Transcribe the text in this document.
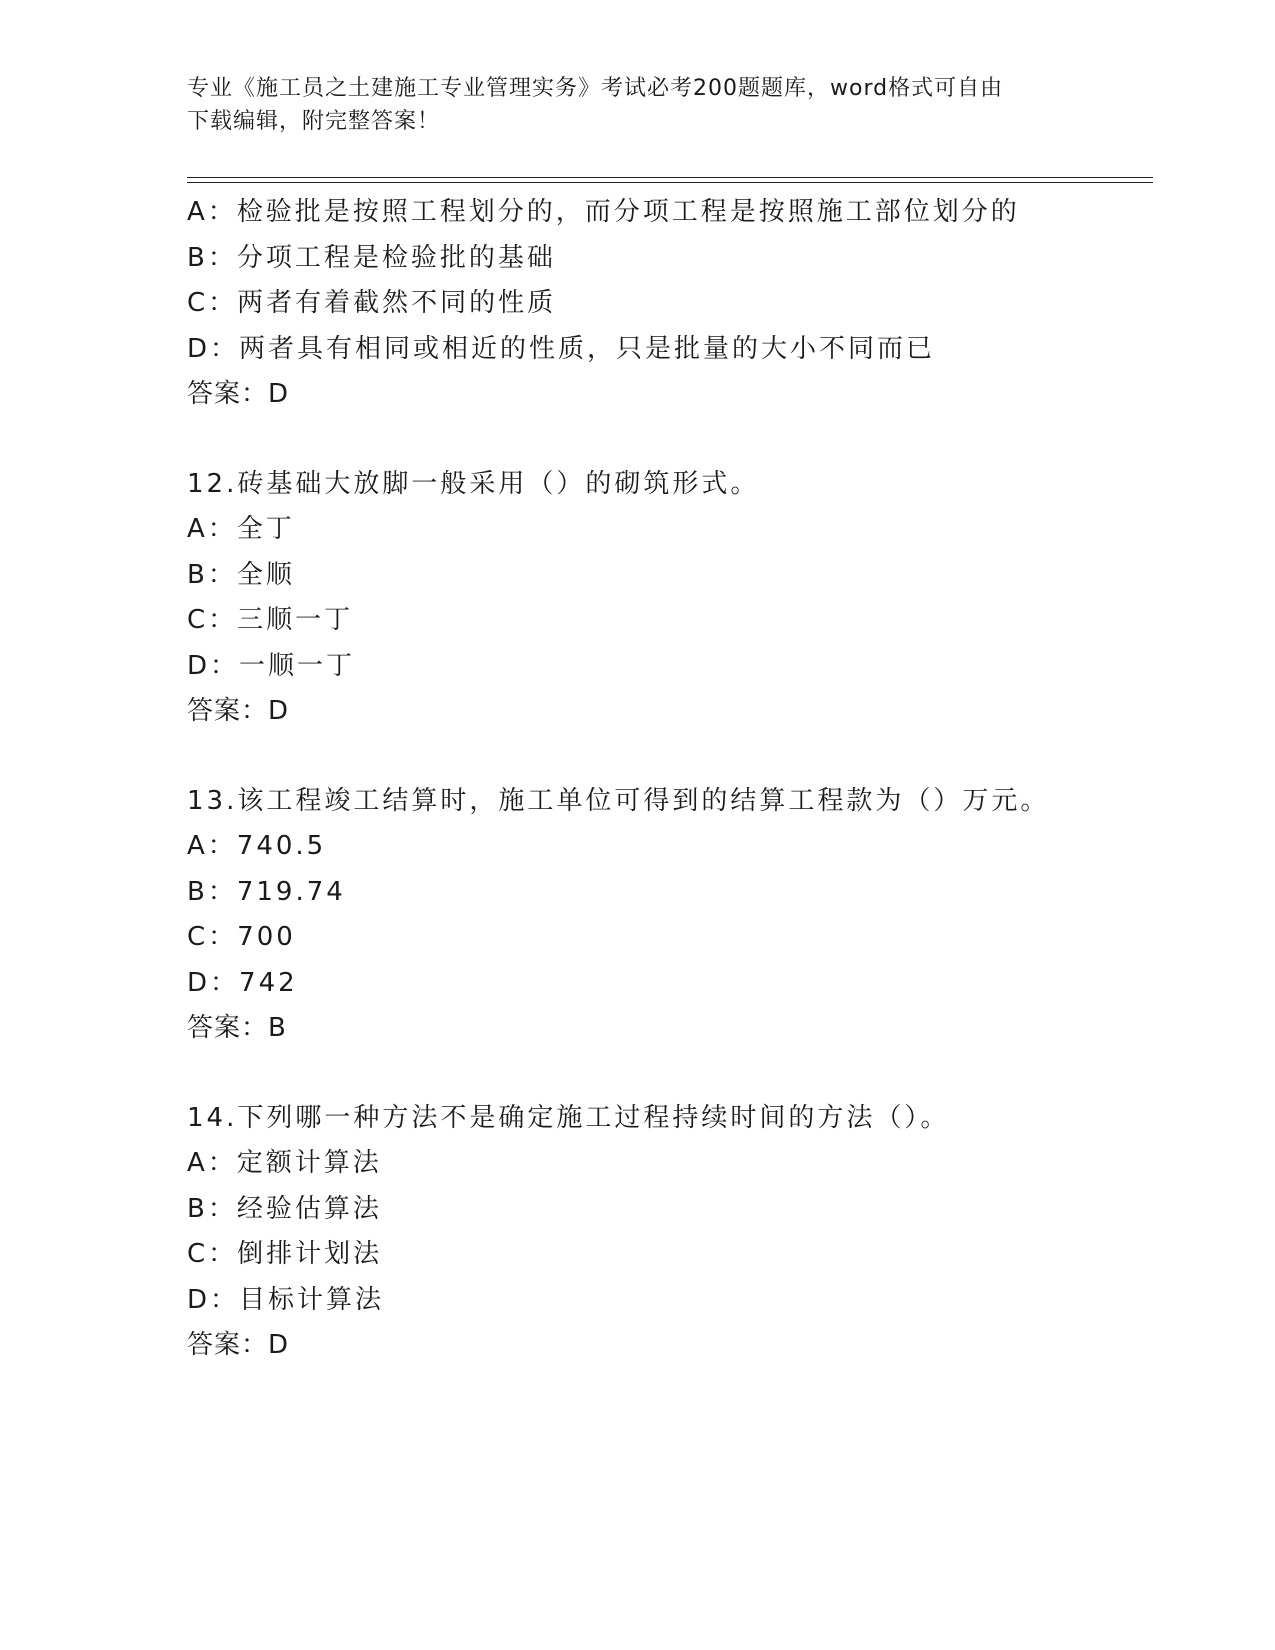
专业《施工员之土建施工专业管理实务》考试必考200题题库，word格式可自由
下载编辑，附完整答案！
A：检验批是按照工程划分的，而分项工程是按照施工部位划分的
B：分项工程是检验批的基础
C：两者有着截然不同的性质
D：两者具有相同或相近的性质，只是批量的大小不同而已
答案：D
12.砖基础大放脚一般采用（）的砌筑形式。
A：全丁
B：全顺
C：三顺一丁
D：一顺一丁
答案：D
13.该工程竣工结算时，施工单位可得到的结算工程款为（）万元。
A：740.5
B：719.74
C：700
D：742
答案：B
14.下列哪一种方法不是确定施工过程持续时间的方法（）。
A：定额计算法
B：经验估算法
C：倒排计划法
D：目标计算法
答案：D
